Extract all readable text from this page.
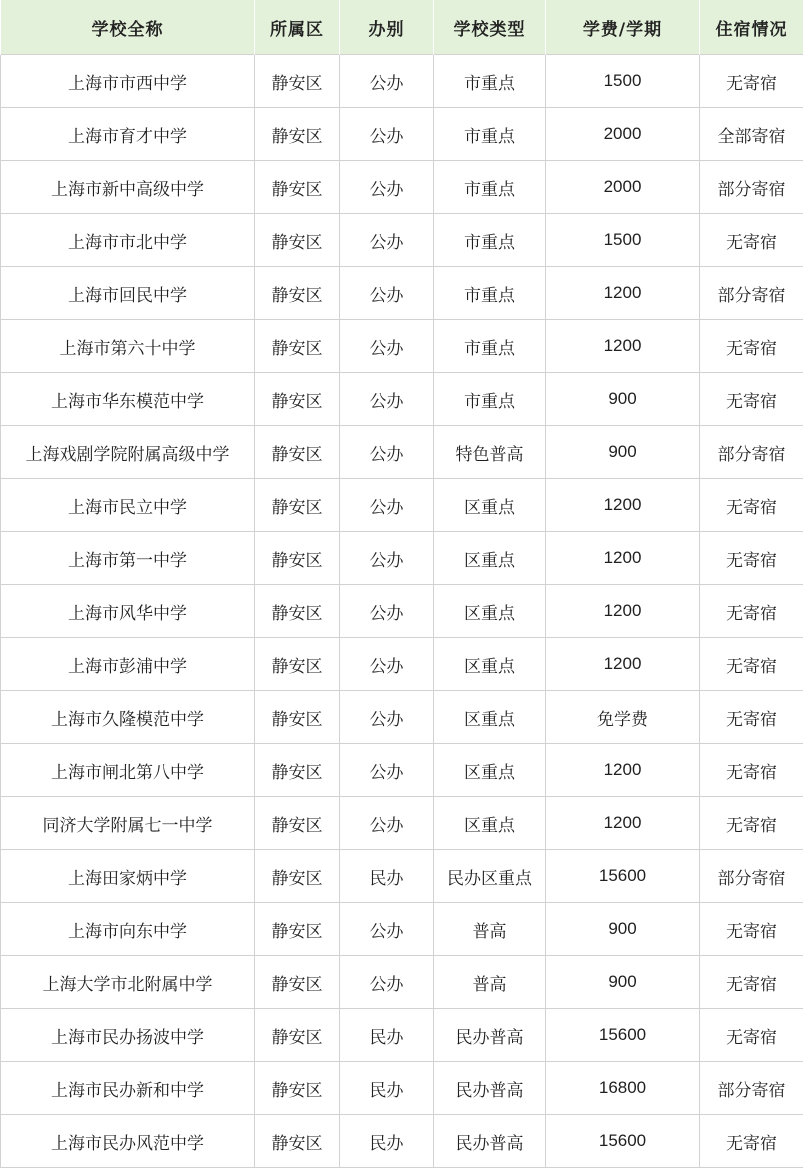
学校全称	所属区	办别	学校类型	学费/学期	住宿情况
上海市市西中学	静安区	公办	市重点	1500	无寄宿
上海市育才中学	静安区	公办	市重点	2000	全部寄宿
上海市新中高级中学	静安区	公办	市重点	2000	部分寄宿
上海市市北中学	静安区	公办	市重点	1500	无寄宿
上海市回民中学	静安区	公办	市重点	1200	部分寄宿
上海市第六十中学	静安区	公办	市重点	1200	无寄宿
上海市华东模范中学	静安区	公办	市重点	900	无寄宿
上海戏剧学院附属高级中学	静安区	公办	特色普高	900	部分寄宿
上海市民立中学	静安区	公办	区重点	1200	无寄宿
上海市第一中学	静安区	公办	区重点	1200	无寄宿
上海市风华中学	静安区	公办	区重点	1200	无寄宿
上海市彭浦中学	静安区	公办	区重点	1200	无寄宿
上海市久隆模范中学	静安区	公办	区重点	免学费	无寄宿
上海市闸北第八中学	静安区	公办	区重点	1200	无寄宿
同济大学附属七一中学	静安区	公办	区重点	1200	无寄宿
上海田家炳中学	静安区	民办	民办区重点	15600	部分寄宿
上海市向东中学	静安区	公办	普高	900	无寄宿
上海大学市北附属中学	静安区	公办	普高	900	无寄宿
上海市民办扬波中学	静安区	民办	民办普高	15600	无寄宿
上海市民办新和中学	静安区	民办	民办普高	16800	部分寄宿
上海市民办风范中学	静安区	民办	民办普高	15600	无寄宿
